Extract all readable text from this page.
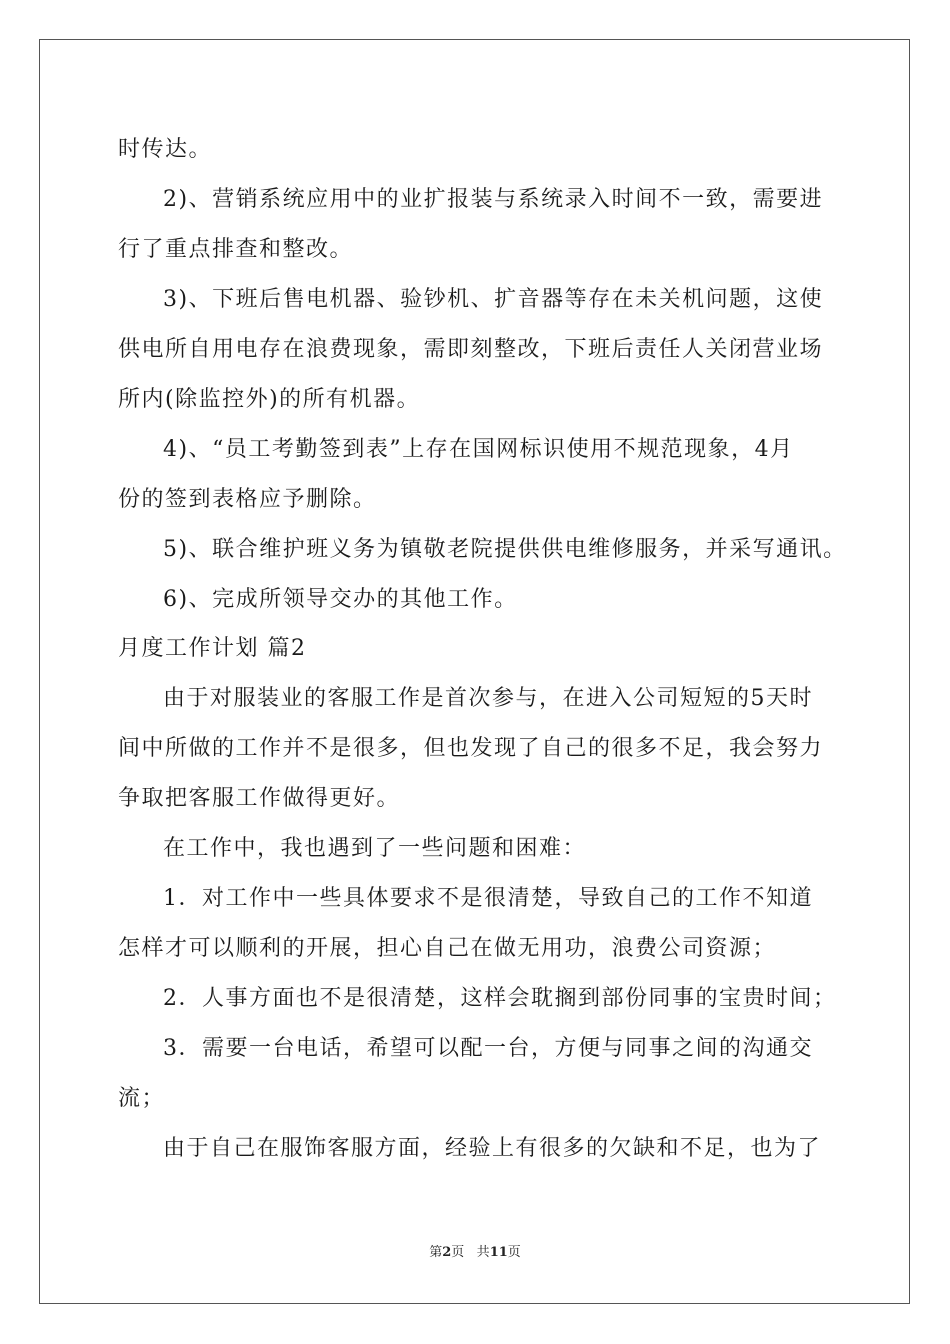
时传达。
2)、营销系统应用中的业扩报装与系统录入时间不一致，需要进
行了重点排查和整改。
3)、下班后售电机器、验钞机、扩音器等存在未关机问题，这使
供电所自用电存在浪费现象，需即刻整改，下班后责任人关闭营业场
所内(除监控外)的所有机器。
4)、“员工考勤签到表”上存在国网标识使用不规范现象，4月
份的签到表格应予删除。
5)、联合维护班义务为镇敬老院提供供电维修服务，并采写通讯。
6)、完成所领导交办的其他工作。
月度工作计划 篇2
由于对服装业的客服工作是首次参与，在进入公司短短的5天时
间中所做的工作并不是很多，但也发现了自己的很多不足，我会努力
争取把客服工作做得更好。
在工作中，我也遇到了一些问题和困难：
1．对工作中一些具体要求不是很清楚，导致自己的工作不知道
怎样才可以顺利的开展，担心自己在做无用功，浪费公司资源；
2．人事方面也不是很清楚，这样会耽搁到部份同事的宝贵时间；
3．需要一台电话，希望可以配一台，方便与同事之间的沟通交
流；
由于自己在服饰客服方面，经验上有很多的欠缺和不足，也为了
第2页 共11页
